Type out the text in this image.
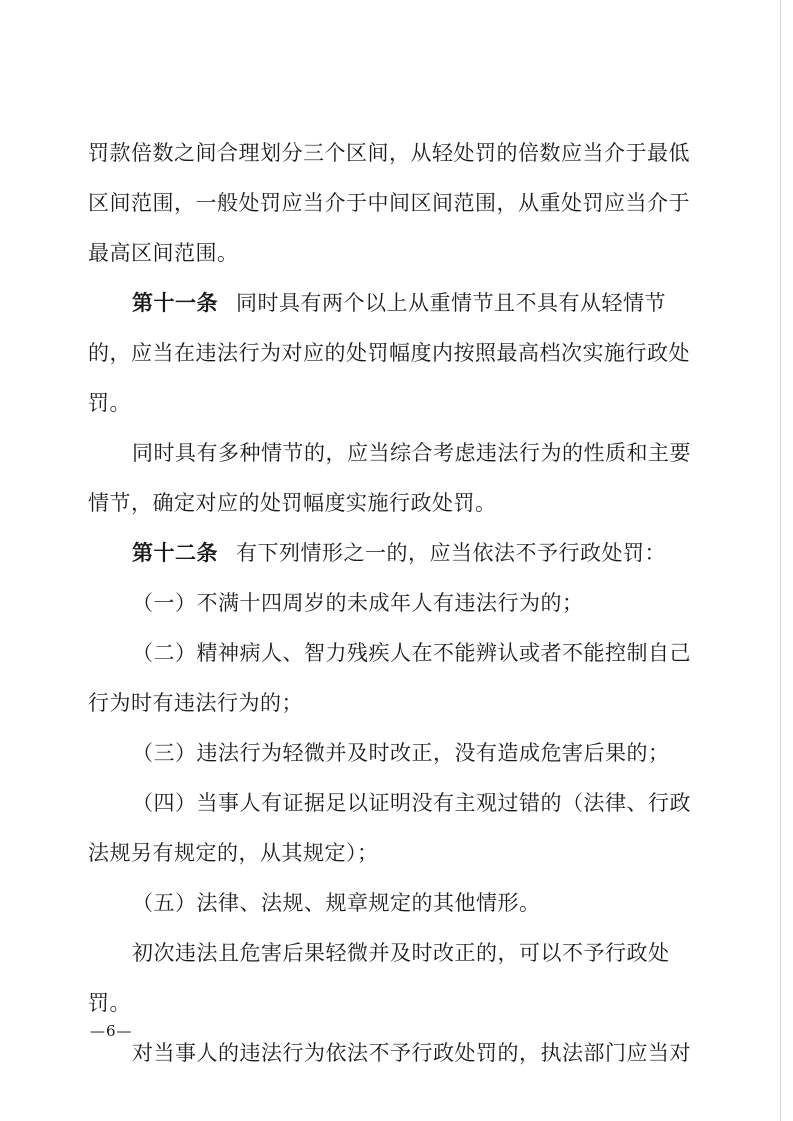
罚款倍数之间合理划分三个区间，从轻处罚的倍数应当介于最低
区间范围，一般处罚应当介于中间区间范围，从重处罚应当介于
最高区间范围。
第十一条 同时具有两个以上从重情节且不具有从轻情节
的，应当在违法行为对应的处罚幅度内按照最高档次实施行政处
罚。
同时具有多种情节的，应当综合考虑违法行为的性质和主要
情节，确定对应的处罚幅度实施行政处罚。
第十二条 有下列情形之一的，应当依法不予行政处罚：
（一）不满十四周岁的未成年人有违法行为的；
（二）精神病人、智力残疾人在不能辨认或者不能控制自己
行为时有违法行为的；
（三）违法行为轻微并及时改正，没有造成危害后果的；
（四）当事人有证据足以证明没有主观过错的（法律、行政
法规另有规定的，从其规定）；
（五）法律、法规、规章规定的其他情形。
初次违法且危害后果轻微并及时改正的，可以不予行政处
罚。
对当事人的违法行为依法不予行政处罚的，执法部门应当对
—6—
